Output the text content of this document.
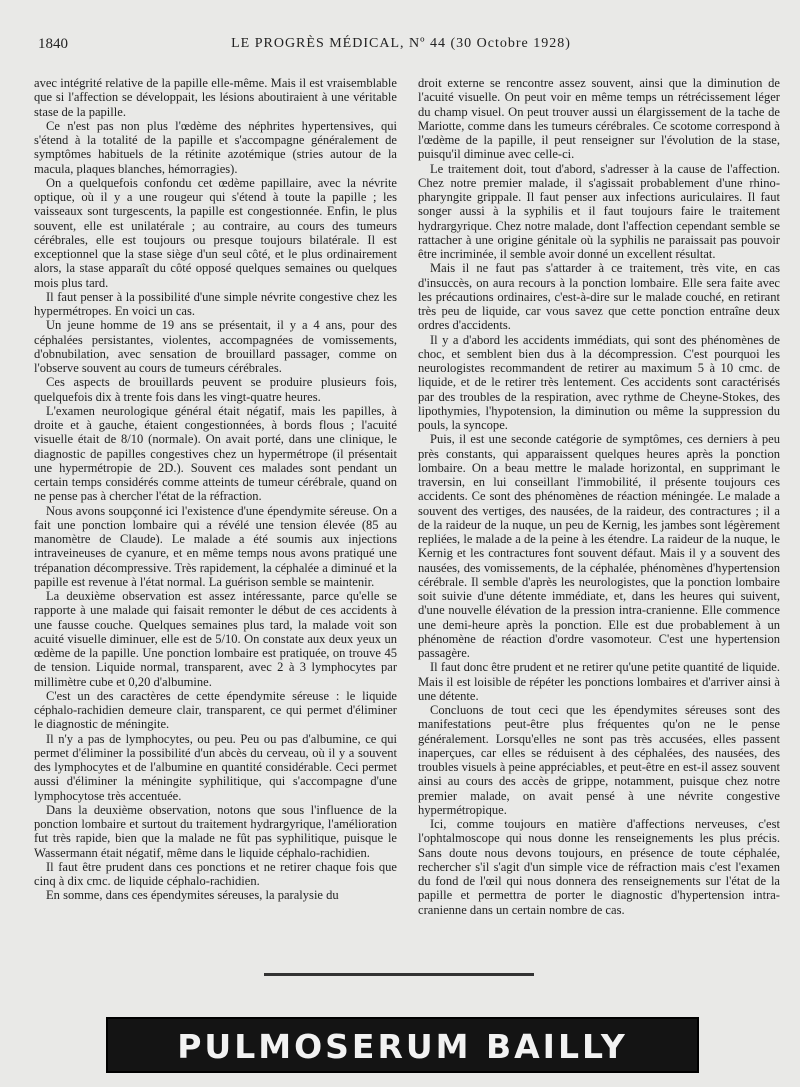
1840	LE PROGRÈS MÉDICAL, Nº 44 (30 Octobre 1928)

avec intégrité relative de la papille elle-même. Mais il est vraisemblable que si l'affection se développait, les lésions aboutiraient à une véritable stase de la papille.

Ce n'est pas non plus l'œdème des néphrites hypertensives, qui s'étend à la totalité de la papille et s'accompagne généralement de symptômes habituels de la rétinite azotémique (stries autour de la macula, plaques blanches, hémorragies).

On a quelquefois confondu cet œdème papillaire, avec la névrite optique, où il y a une rougeur qui s'étend à toute la papille ; les vaisseaux sont turgescents, la papille est congestionnée. Enfin, le plus souvent, elle est unilatérale ; au contraire, au cours des tumeurs cérébrales, elle est toujours ou presque toujours bilatérale. Il est exceptionnel que la stase siège d'un seul côté, et le plus ordinairement alors, la stase apparaît du côté opposé quelques semaines ou quelques mois plus tard.

Il faut penser à la possibilité d'une simple névrite congestive chez les hypermétropes. En voici un cas.

Un jeune homme de 19 ans se présentait, il y a 4 ans, pour des céphalées persistantes, violentes, accompagnées de vomissements, d'obnubilation, avec sensation de brouillard passager, comme on l'observe souvent au cours de tumeurs cérébrales.

Ces aspects de brouillards peuvent se produire plusieurs fois, quelquefois dix à trente fois dans les vingt-quatre heures.

L'examen neurologique général était négatif, mais les papilles, à droite et à gauche, étaient congestionnées, à bords flous ; l'acuité visuelle était de 8/10 (normale). On avait porté, dans une clinique, le diagnostic de papilles congestives chez un hypermétrope (il présentait une hypermétropie de 2D.). Souvent ces malades sont pendant un certain temps considérés comme atteints de tumeur cérébrale, quand on ne pense pas à chercher l'état de la réfraction.

Nous avons soupçonné ici l'existence d'une épendymite séreuse. On a fait une ponction lombaire qui a révélé une tension élevée (85 au manomètre de Claude). Le malade a été soumis aux injections intraveineuses de cyanure, et en même temps nous avons pratiqué une trépanation décompressive. Très rapidement, la céphalée a diminué et la papille est revenue à l'état normal. La guérison semble se maintenir.

La deuxième observation est assez intéressante, parce qu'elle se rapporte à une malade qui faisait remonter le début de ces accidents à une fausse couche. Quelques semaines plus tard, la malade voit son acuité visuelle diminuer, elle est de 5/10. On constate aux deux yeux un œdème de la papille. Une ponction lombaire est pratiquée, on trouve 45 de tension. Liquide normal, transparent, avec 2 à 3 lymphocytes par millimètre cube et 0,20 d'albumine.

C'est un des caractères de cette épendymite séreuse : le liquide céphalo-rachidien demeure clair, transparent, ce qui permet d'éliminer le diagnostic de méningite.

Il n'y a pas de lymphocytes, ou peu. Peu ou pas d'albumine, ce qui permet d'éliminer la possibilité d'un abcès du cerveau, où il y a souvent des lymphocytes et de l'albumine en quantité considérable. Ceci permet aussi d'éliminer la méningite syphilitique, qui s'accompagne d'une lymphocytose très accentuée.

Dans la deuxième observation, notons que sous l'influence de la ponction lombaire et surtout du traitement hydrargyrique, l'amélioration fut très rapide, bien que la malade ne fût pas syphilitique, puisque le Wassermann était négatif, même dans le liquide céphalo-rachidien.

Il faut être prudent dans ces ponctions et ne retirer chaque fois que cinq à dix cmc. de liquide céphalo-rachidien.

En somme, dans ces épendymites séreuses, la paralysie du

droit externe se rencontre assez souvent, ainsi que la diminution de l'acuité visuelle. On peut voir en même temps un rétrécissement léger du champ visuel. On peut trouver aussi un élargissement de la tache de Mariotte, comme dans les tumeurs cérébrales. Ce scotome correspond à l'œdème de la papille, il peut renseigner sur l'évolution de la stase, puisqu'il diminue avec celle-ci.

Le traitement doit, tout d'abord, s'adresser à la cause de l'affection. Chez notre premier malade, il s'agissait probablement d'une rhino-pharyngite grippale. Il faut penser aux infections auriculaires. Il faut songer aussi à la syphilis et il faut toujours faire le traitement hydrargyrique. Chez notre malade, dont l'affection cependant semble se rattacher à une origine génitale où la syphilis ne paraissait pas pouvoir être incriminée, il semble avoir donné un excellent résultat.

Mais il ne faut pas s'attarder à ce traitement, très vite, en cas d'insuccès, on aura recours à la ponction lombaire. Elle sera faite avec les précautions ordinaires, c'est-à-dire sur le malade couché, en retirant très peu de liquide, car vous savez que cette ponction entraîne deux ordres d'accidents.

Il y a d'abord les accidents immédiats, qui sont des phénomènes de choc, et semblent bien dus à la décompression. C'est pourquoi les neurologistes recommandent de retirer au maximum 5 à 10 cmc. de liquide, et de le retirer très lentement. Ces accidents sont caractérisés par des troubles de la respiration, avec rythme de Cheyne-Stokes, des lipothymies, l'hypotension, la diminution ou même la suppression du pouls, la syncope.

Puis, il est une seconde catégorie de symptômes, ces derniers à peu près constants, qui apparaissent quelques heures après la ponction lombaire. On a beau mettre le malade horizontal, en supprimant le traversin, en lui conseillant l'immobilité, il présente toujours ces accidents. Ce sont des phénomènes de réaction méningée. Le malade a souvent des vertiges, des nausées, de la raideur, des contractures ; il a de la raideur de la nuque, un peu de Kernig, les jambes sont légèrement repliées, le malade a de la peine à les étendre. La raideur de la nuque, le Kernig et les contractures font souvent défaut. Mais il y a souvent des nausées, des vomissements, de la céphalée, phénomènes d'hypertension cérébrale. Il semble d'après les neurologistes, que la ponction lombaire soit suivie d'une détente immédiate, et, dans les heures qui suivent, d'une nouvelle élévation de la pression intra-cranienne. Elle commence une demi-heure après la ponction. Elle est due probablement à un phénomène de réaction d'ordre vasomoteur. C'est une hypertension passagère.

Il faut donc être prudent et ne retirer qu'une petite quantité de liquide. Mais il est loisible de répéter les ponctions lombaires et d'arriver ainsi à une détente.

Concluons de tout ceci que les épendymites séreuses sont des manifestations peut-être plus fréquentes qu'on ne le pense généralement. Lorsqu'elles ne sont pas très accusées, elles passent inaperçues, car elles se réduisent à des céphalées, des nausées, des troubles visuels à peine appréciables, et peut-être en est-il assez souvent ainsi au cours des accès de grippe, notamment, puisque chez notre premier malade, on avait pensé à une névrite congestive hypermétropique.

Ici, comme toujours en matière d'affections nerveuses, c'est l'ophtalmoscope qui nous donne les renseignements les plus précis. Sans doute nous devons toujours, en présence de toute céphalée, rechercher s'il s'agit d'un simple vice de réfraction mais c'est l'examen du fond de l'œil qui nous donnera des renseignements sur l'état de la papille et permettra de porter le diagnostic d'hypertension intra-cranienne dans un certain nombre de cas.

PULMOSERUM BAILLY
